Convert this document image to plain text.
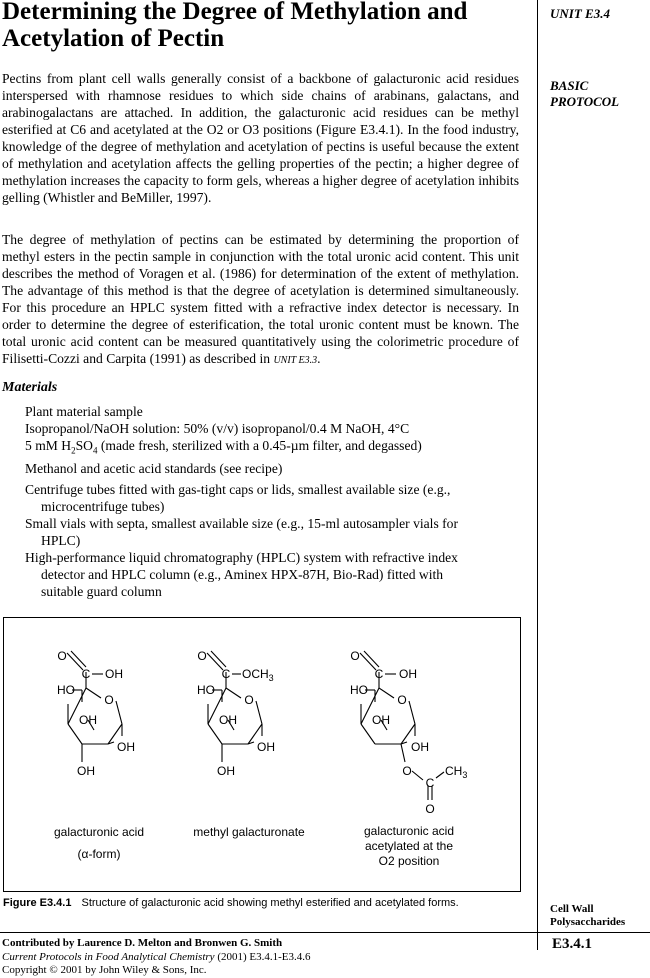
Determining the Degree of Methylation and Acetylation of Pectin
UNIT E3.4
BASIC
PROTOCOL

Pectins from plant cell walls generally consist of a backbone of galacturonic acid residues interspersed with rhamnose residues to which side chains of arabinans, galactans, and arabinogalactans are attached. In addition, the galacturonic acid residues can be methyl esterified at C6 and acetylated at the O2 or O3 positions (Figure E3.4.1). In the food industry, knowledge of the degree of methylation and acetylation of pectins is useful because the extent of methylation and acetylation affects the gelling properties of the pectin; a higher degree of methylation increases the capacity to form gels, whereas a higher degree of acetylation inhibits gelling (Whistler and BeMiller, 1997).

The degree of methylation of pectins can be estimated by determining the proportion of methyl esters in the pectin sample in conjunction with the total uronic acid content. This unit describes the method of Voragen et al. (1986) for determination of the extent of methylation. The advantage of this method is that the degree of acetylation is determined simultaneously. For this procedure an HPLC system fitted with a refractive index detector is necessary. In order to determine the degree of esterification, the total uronic content must be known. The total uronic acid content can be measured quantitatively using the colorimetric procedure of Filisetti-Cozzi and Carpita (1991) as described in UNIT E3.3.

Materials
Plant material sample
Isopropanol/NaOH solution: 50% (v/v) isopropanol/0.4 M NaOH, 4°C
5 mM $H_2SO_4$ (made fresh, sterilized with a 0.45-µm filter, and degassed)
Methanol and acetic acid standards (see recipe)
Centrifuge tubes fitted with gas-tight caps or lids, smallest available size (e.g.,
microcentrifuge tubes)
Small vials with septa, smallest available size (e.g., 15-ml autosampler vials for
HPLC)
High-performance liquid chromatography (HPLC) system with refractive index
detector and HPLC column (e.g., Aminex HPX-87H, Bio-Rad) fitted with
suitable guard column
O
C OH
HO
O
OH
OH
OH
O
C $OCH_3$
HO
O
OH
OH
OH
O
C OH
HO
O
OH
OH
O
C
$CH_3$
O
galacturonic acid
(α-form)
methyl galacturonate	galacturonic acid
acetylated at the
O2 position
Figure E3.4.1 Structure of galacturonic acid showing methyl esterified and acetylated forms.	Cell Wall
Polysaccharides
E3.4.1
Contributed by Laurence D. Melton and Bronwen G. Smith
Current Protocols in Food Analytical Chemistry (2001) E3.4.1-E3.4.6
Copyright © 2001 by John Wiley & Sons, Inc.
